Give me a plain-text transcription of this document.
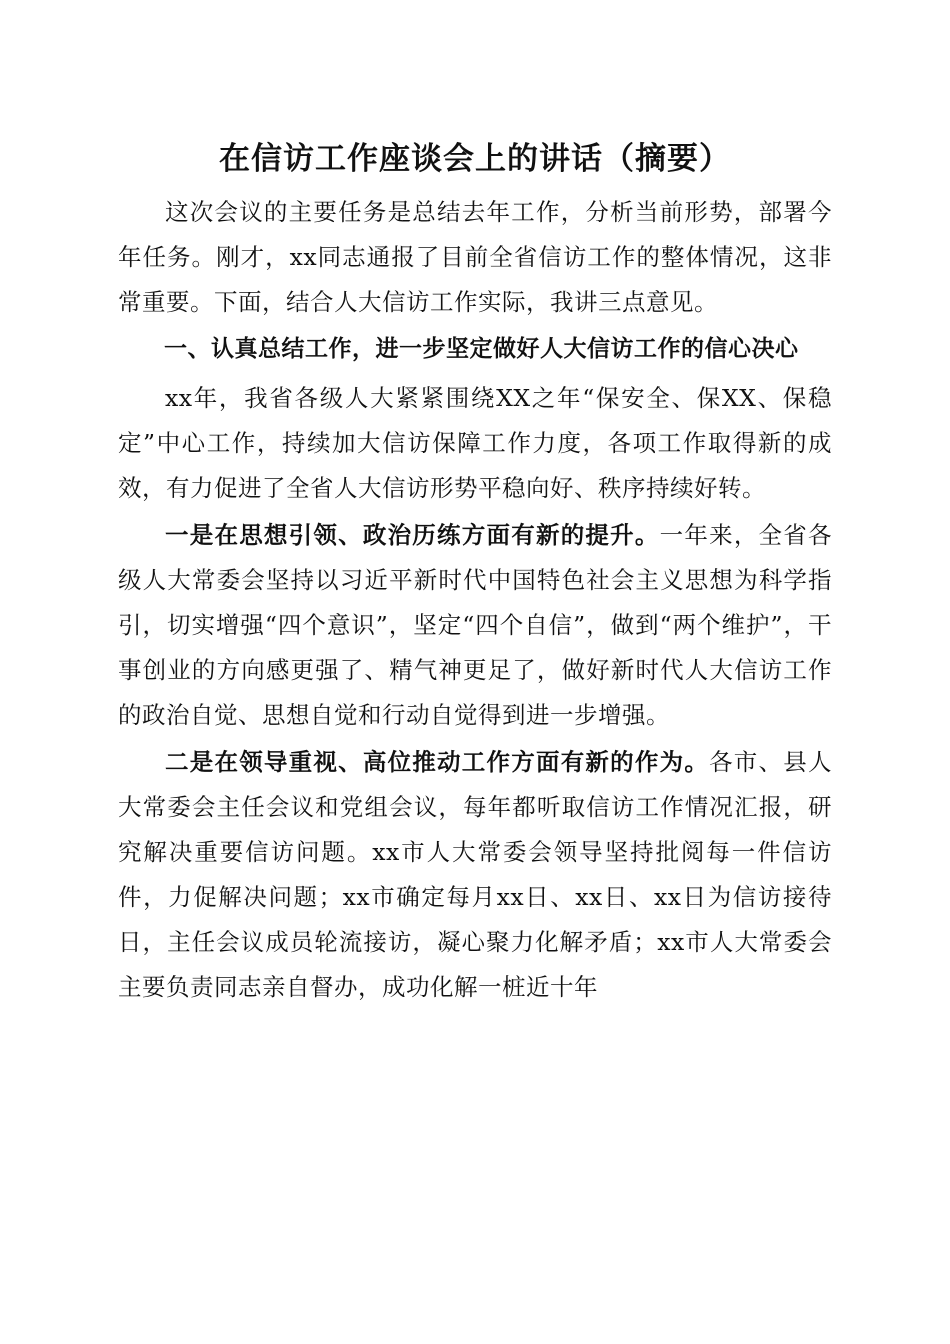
在信访工作座谈会上的讲话（摘要）

这次会议的主要任务是总结去年工作，分析当前形势，部署今年任务。刚才，xx同志通报了目前全省信访工作的整体情况，这非常重要。下面，结合人大信访工作实际，我讲三点意见。

一、认真总结工作，进一步坚定做好人大信访工作的信心决心

xx年，我省各级人大紧紧围绕XX之年“保安全、保XX、保稳定”中心工作，持续加大信访保障工作力度，各项工作取得新的成效，有力促进了全省人大信访形势平稳向好、秩序持续好转。

一是在思想引领、政治历练方面有新的提升。一年来，全省各级人大常委会坚持以习近平新时代中国特色社会主义思想为科学指引，切实增强“四个意识”，坚定“四个自信”，做到“两个维护”，干事创业的方向感更强了、精气神更足了，做好新时代人大信访工作的政治自觉、思想自觉和行动自觉得到进一步增强。

二是在领导重视、高位推动工作方面有新的作为。各市、县人大常委会主任会议和党组会议，每年都听取信访工作情况汇报，研究解决重要信访问题。xx市人大常委会领导坚持批阅每一件信访件，力促解决问题；xx市确定每月xx日、xx日、xx日为信访接待日，主任会议成员轮流接访，凝心聚力化解矛盾；xx市人大常委会主要负责同志亲自督办，成功化解一桩近十年
